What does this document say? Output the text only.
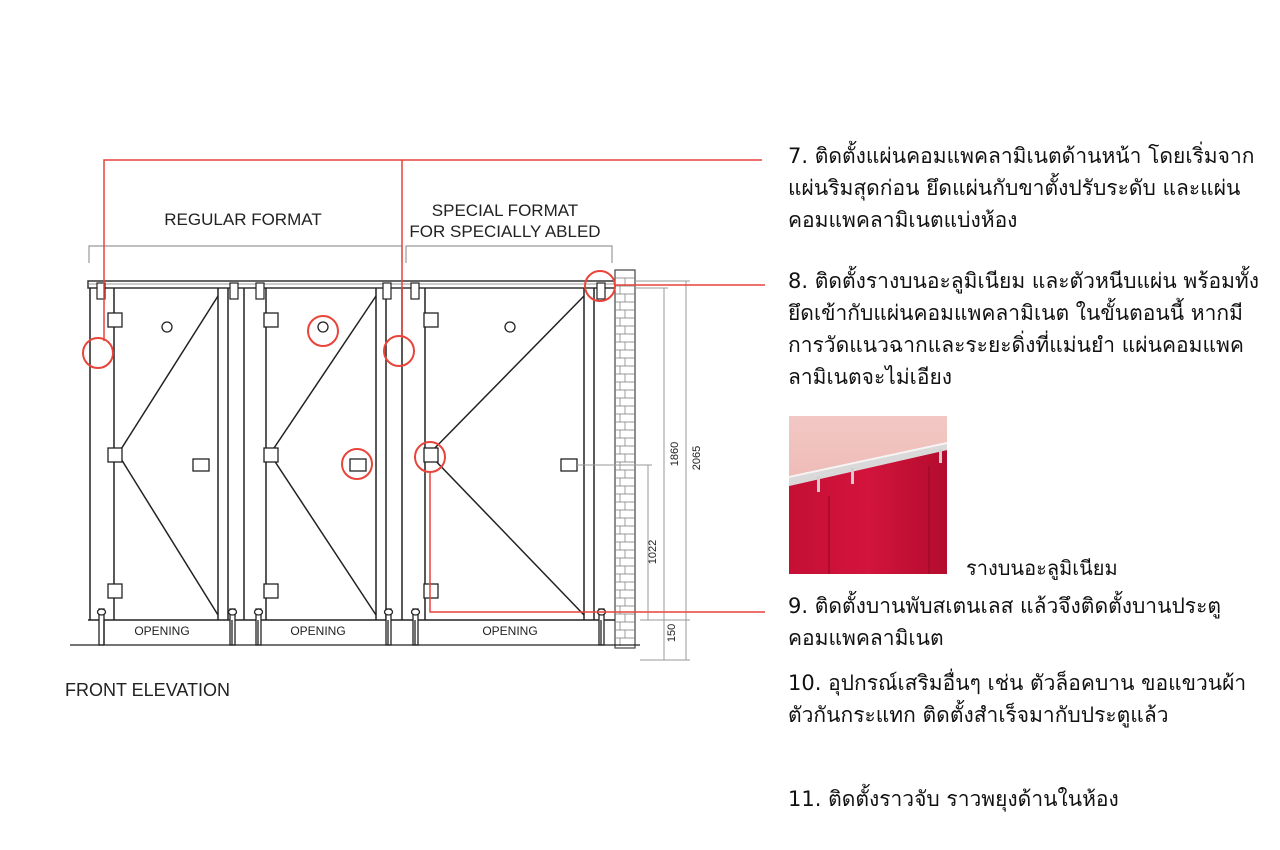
REGULAR FORMAT	SPECIAL FORMAT
FOR SPECIALLY ABLED
OPENING	OPENING	OPENING
2065
1860
1022
150
FRONT ELEVATION

7. ติดตั้งแผ่นคอมแพคลามิเนตด้านหน้า โดยเริ่มจากแผ่นริมสุดก่อน ยึดแผ่นกับขาตั้งปรับระดับ และแผ่นคอมแพคลามิเนตแบ่งห้อง

8. ติดตั้งรางบนอะลูมิเนียม และตัวหนีบแผ่น พร้อมทั้งยึดเข้ากับแผ่นคอมแพคลามิเนต ในขั้นตอนนี้ หากมีการวัดแนวฉากและระยะดิ่งที่แม่นยำ แผ่นคอมแพคลามิเนตจะไม่เอียง

รางบนอะลูมิเนียม

9. ติดตั้งบานพับสเตนเลส แล้วจึงติดตั้งบานประตูคอมแพคลามิเนต

10. อุปกรณ์เสริมอื่นๆ เช่น ตัวล็อคบาน ขอแขวนผ้า ตัวกันกระแทก ติดตั้งสำเร็จมากับประตูแล้ว

11. ติดตั้งราวจับ ราวพยุงด้านในห้อง
